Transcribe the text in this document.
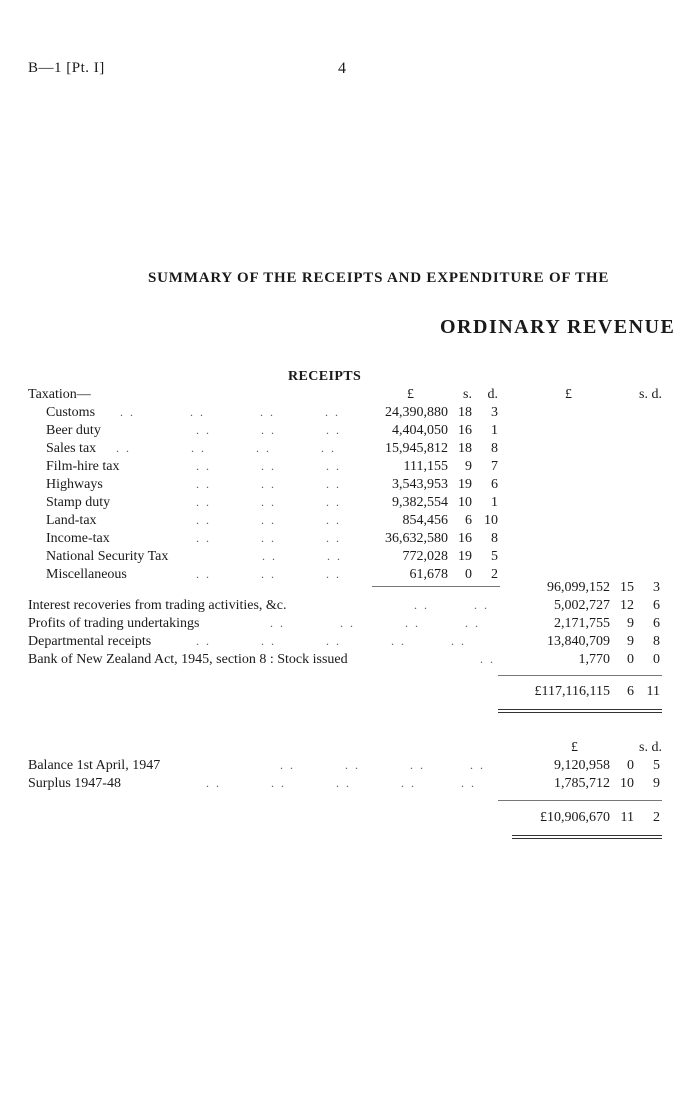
B—1 [Pt. I]	4
SUMMARY OF THE RECEIPTS AND EXPENDITURE OF THE
ORDINARY REVENUE
RECEIPTS
Taxation—	£	s.	d.	£	s. d.
Customs . .           . .           . .          . .	24,390,880 18	3
Beer duty	. .          . .          . .	4,404,050 16	1
Sales tax . .            . .          . .          . .	15,945,812 18	8
Film-hire tax	. .          . .          . .	111,155	9	7
Highways	. .          . .          . .	3,543,953 19	6
Stamp duty	. .          . .          . .	9,382,554 10	1
Land-tax	. .          . .          . .	854,456	6 10
Income-tax	. .          . .          . .	36,632,580 16	8
National Security Tax	. .          . .	772,028 19	5
Miscellaneous	. .          . .          . .	61,678	0	2
96,099,152 15	3
Interest recoveries from trading activities, &c.	. .         . .	5,002,727 12	6
Profits of trading undertakings	. .           . .          . .         . .	2,171,755	9	6
Departmental receipts	. .          . .          . .          . .         . .	13,840,709	9	8
Bank of New Zealand Act, 1945, section 8 : Stock issued	. .	1,770	0	0
£117,116,115	6 11
£	s. d.
Balance 1st April, 1947	. .          . .          . .         . .	9,120,958	0	5
Surplus 1947-48	. .          . .          . .          . .         . .	1,785,712 10	9
£10,906,670 11	2
